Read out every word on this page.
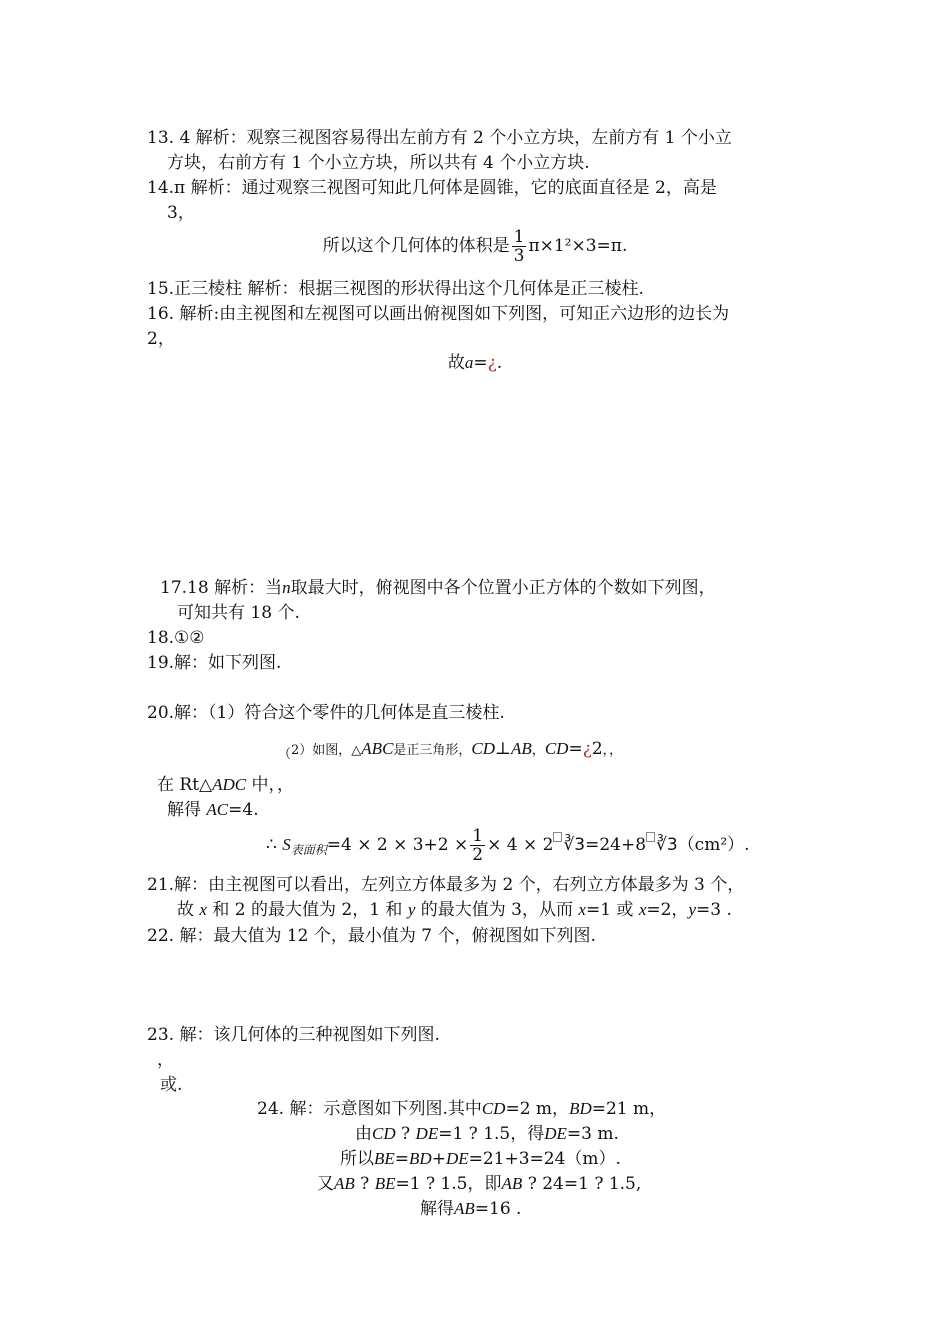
13. 4 解析：观察三视图容易得出左前方有 2 个小立方块，左前方有 1 个小立
方块，右前方有 1 个小立方块，所以共有 4 个小立方块.
14.π 解析：通过观察三视图可知此几何体是圆锥，它的底面直径是 2，高是
3，
所以这个几何体的体积是 $\frac{1}{3} \pi\times 1^2\times 3=\pi$.
15.正三棱柱 解析：根据三视图的形状得出这个几何体是正三棱柱.
16. 解析:由主视图和左视图可以画出俯视图如下列图，可知正六边形的边长为
2，
故a=¿.
17.18 解析：当n取最大时，俯视图中各个位置小正方体的个数如下列图，
可知共有 18 个.
18.①②
19.解：如下列图.
20.解：（1）符合这个零件的几何体是直三棱柱.
$_($2）如图，△ABC是正三角形，CD⊥AB，CD=¿2，，
在 Rt△ADC 中，，
解得 AC=4.
∴ $S_{表面积}=4 \times 2 \times 3+2 \times \frac{1}{2} \times 4 \times 2$ ∛3=24+8 ∛3（cm²）.
21.解：由主视图可以看出，左列立方体最多为 2 个，右列立方体最多为 3 个，
故 x 和 2 的最大值为 2，1 和 y 的最大值为 3，从而 x=1 或 x=2，y=3 .
22. 解：最大值为 12 个，最小值为 7 个，俯视图如下列图.
23. 解：该几何体的三种视图如下列图.
，
或.
24. 解：示意图如下列图.其中CD=2 m，BD=21 m，
由CD ? DE=1 ? 1.5，得DE=3 m.
所以BE=BD+DE=21+3=24（m）.
又AB ? BE=1 ? 1.5，即AB ? 24=1 ? 1.5,
解得AB=16 .
